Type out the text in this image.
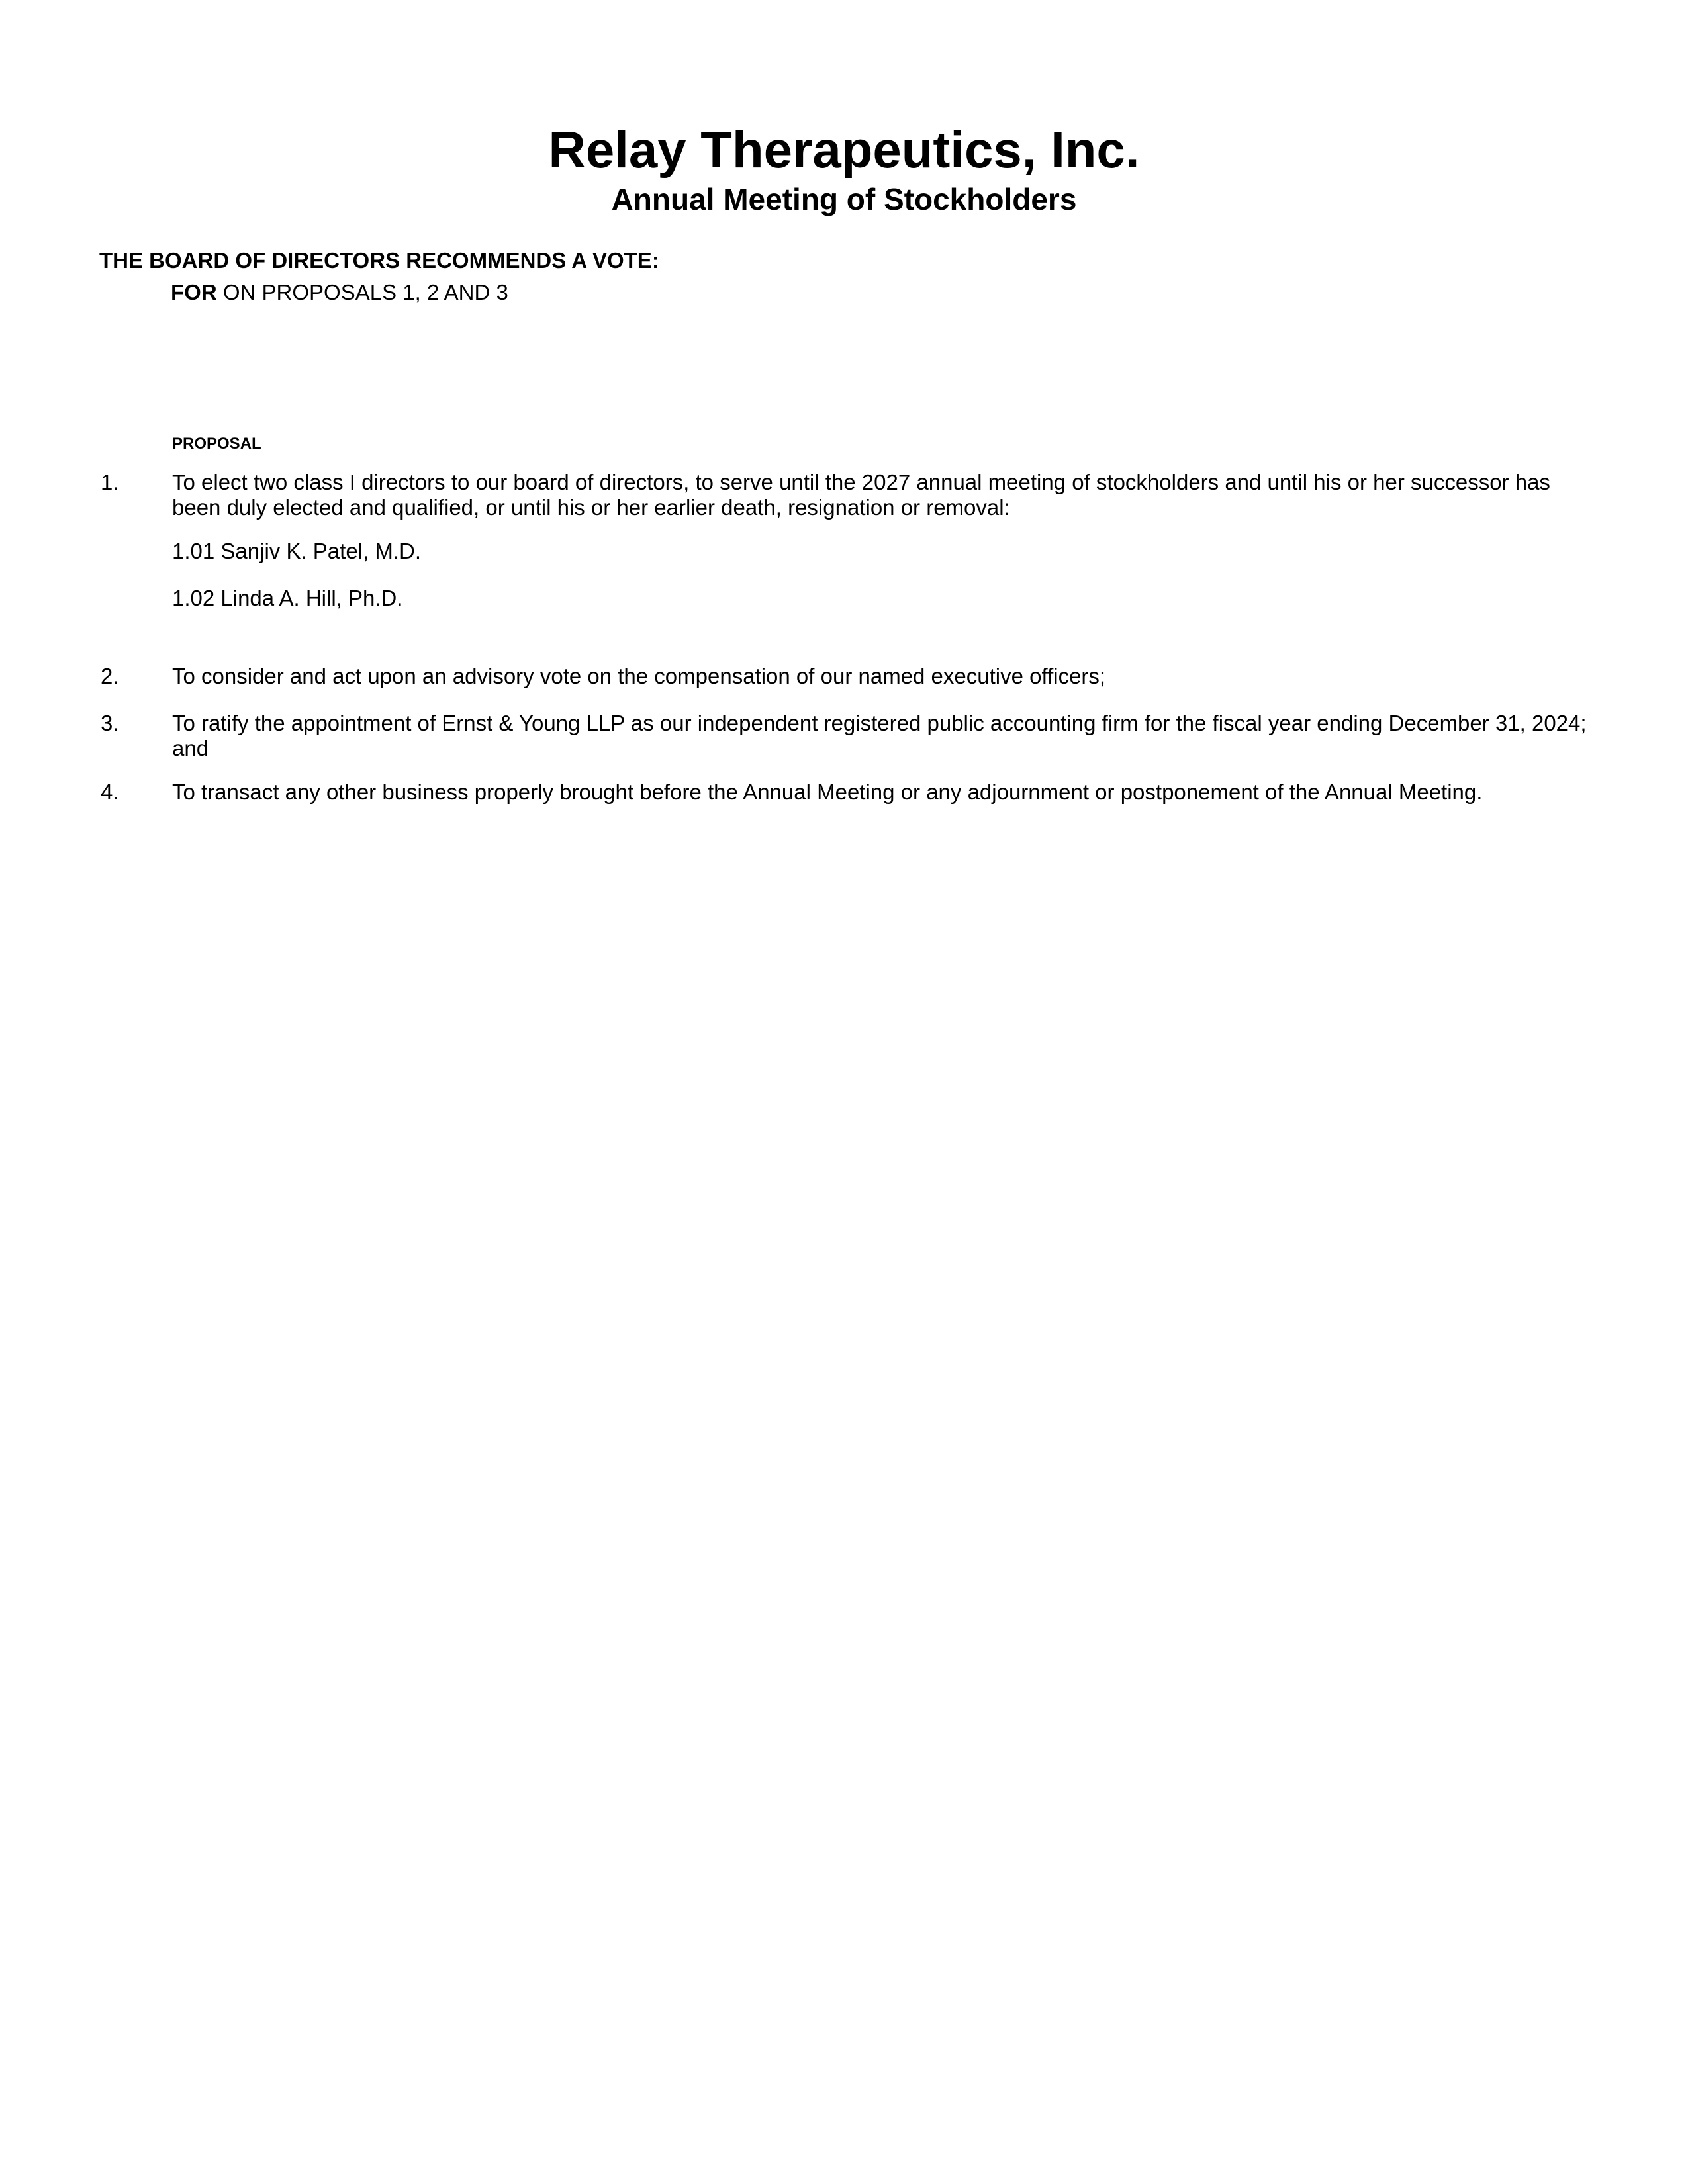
Relay Therapeutics, Inc.
Annual Meeting of Stockholders
THE BOARD OF DIRECTORS RECOMMENDS A VOTE:
FOR ON PROPOSALS 1, 2 AND 3
PROPOSAL
1. To elect two class I directors to our board of directors, to serve until the 2027 annual meeting of stockholders and until his or her successor has been duly elected and qualified, or until his or her earlier death, resignation or removal:
1.01 Sanjiv K. Patel, M.D.
1.02 Linda A. Hill, Ph.D.
2. To consider and act upon an advisory vote on the compensation of our named executive officers;
3. To ratify the appointment of Ernst & Young LLP as our independent registered public accounting firm for the fiscal year ending December 31, 2024; and
4. To transact any other business properly brought before the Annual Meeting or any adjournment or postponement of the Annual Meeting.
